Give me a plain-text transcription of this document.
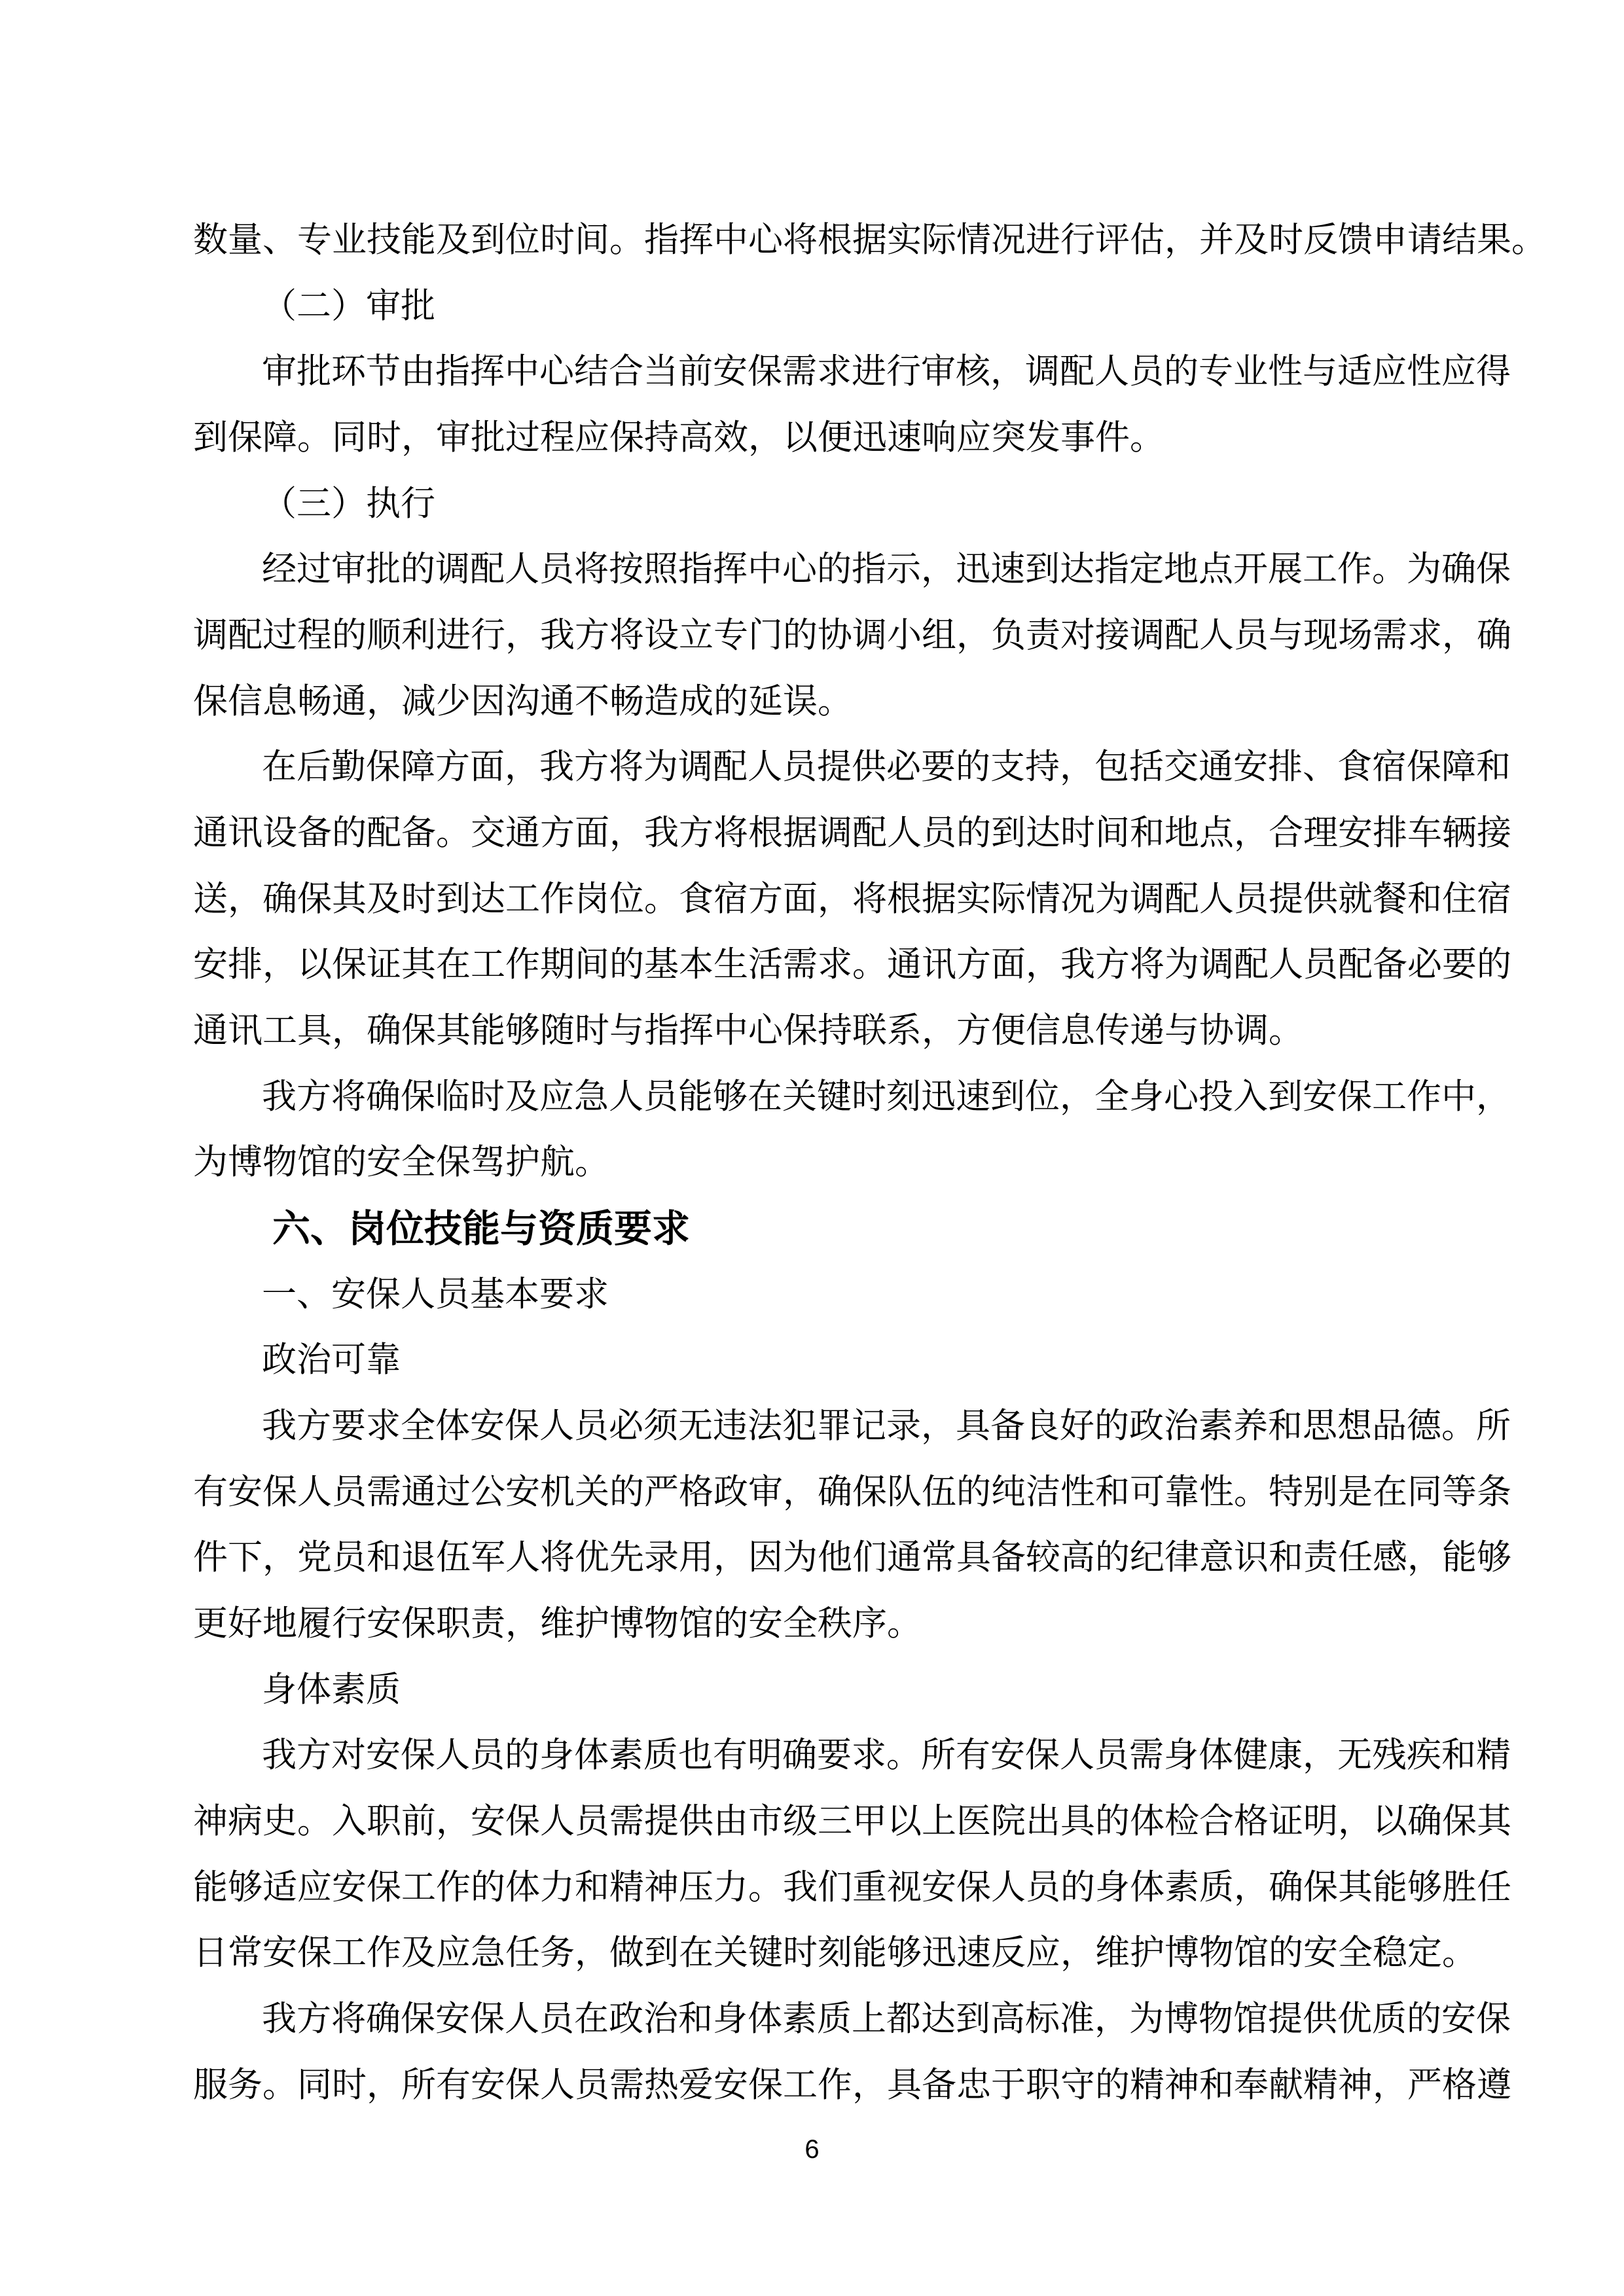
数量、专业技能及到位时间。指挥中心将根据实际情况进行评估，并及时反馈申请结果。
（二）审批
审批环节由指挥中心结合当前安保需求进行审核，调配人员的专业性与适应性应得
到保障。同时，审批过程应保持高效，以便迅速响应突发事件。
（三）执行
经过审批的调配人员将按照指挥中心的指示，迅速到达指定地点开展工作。为确保
调配过程的顺利进行，我方将设立专门的协调小组，负责对接调配人员与现场需求，确
保信息畅通，减少因沟通不畅造成的延误。
在后勤保障方面，我方将为调配人员提供必要的支持，包括交通安排、食宿保障和
通讯设备的配备。交通方面，我方将根据调配人员的到达时间和地点，合理安排车辆接
送，确保其及时到达工作岗位。食宿方面，将根据实际情况为调配人员提供就餐和住宿
安排，以保证其在工作期间的基本生活需求。通讯方面，我方将为调配人员配备必要的
通讯工具，确保其能够随时与指挥中心保持联系，方便信息传递与协调。
我方将确保临时及应急人员能够在关键时刻迅速到位，全身心投入到安保工作中，
为博物馆的安全保驾护航。
六、岗位技能与资质要求
一、安保人员基本要求
政治可靠
我方要求全体安保人员必须无违法犯罪记录，具备良好的政治素养和思想品德。所
有安保人员需通过公安机关的严格政审，确保队伍的纯洁性和可靠性。特别是在同等条
件下，党员和退伍军人将优先录用，因为他们通常具备较高的纪律意识和责任感，能够
更好地履行安保职责，维护博物馆的安全秩序。
身体素质
我方对安保人员的身体素质也有明确要求。所有安保人员需身体健康，无残疾和精
神病史。入职前，安保人员需提供由市级三甲以上医院出具的体检合格证明，以确保其
能够适应安保工作的体力和精神压力。我们重视安保人员的身体素质，确保其能够胜任
日常安保工作及应急任务，做到在关键时刻能够迅速反应，维护博物馆的安全稳定。
我方将确保安保人员在政治和身体素质上都达到高标准，为博物馆提供优质的安保
服务。同时，所有安保人员需热爱安保工作，具备忠于职守的精神和奉献精神，严格遵
6
